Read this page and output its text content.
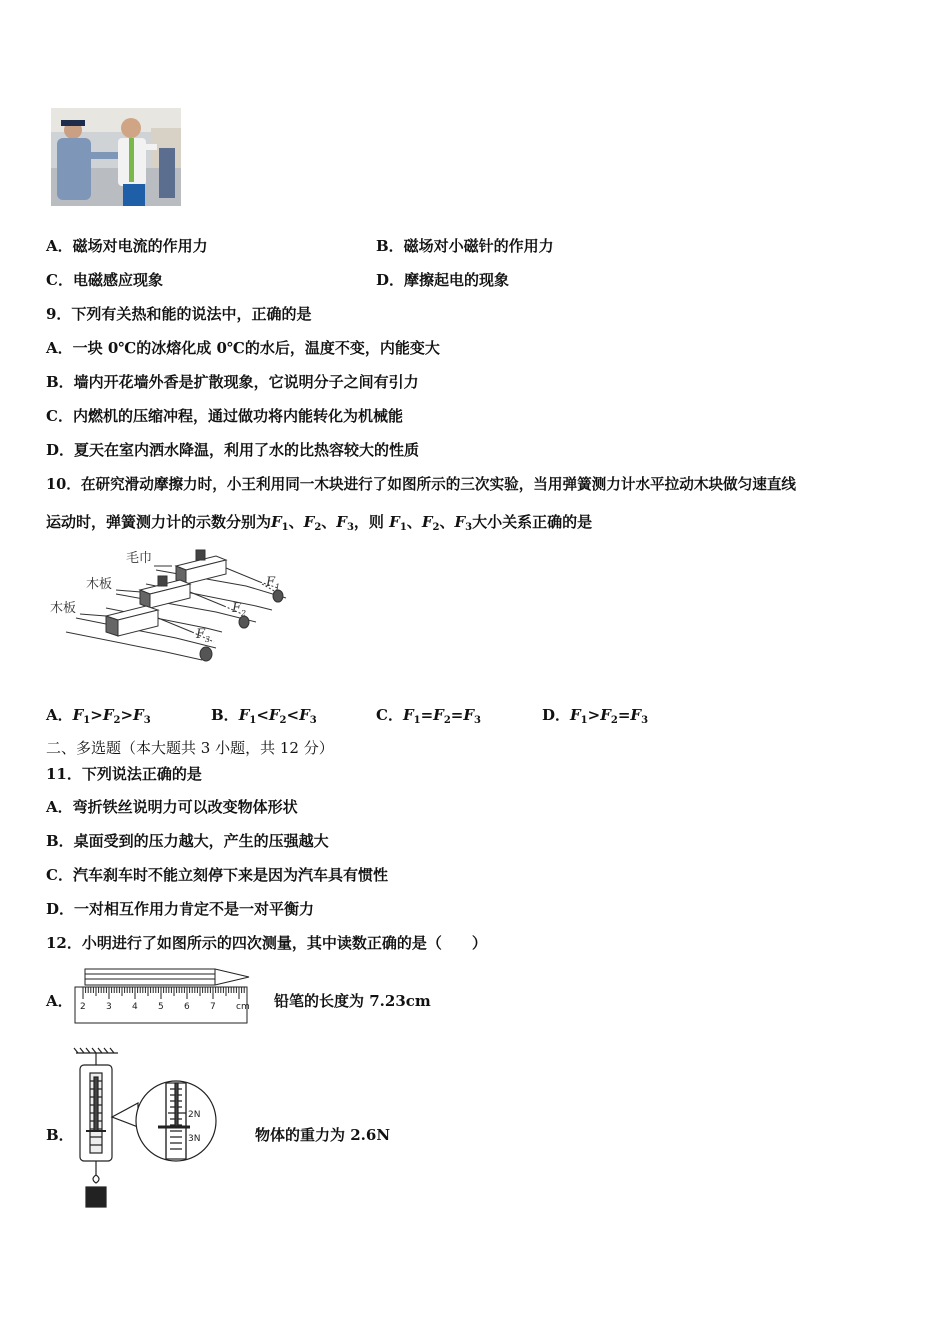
A．磁场对电流的作用力	B．磁场对小磁针的作用力
C．电磁感应现象	D．摩擦起电的现象
9．下列有关热和能的说法中，正确的是
A．一块 0℃的冰熔化成 0℃的水后，温度不变，内能变大
B．墙内开花墙外香是扩散现象，它说明分子之间有引力
C．内燃机的压缩冲程，通过做功将内能转化为机械能
D．夏天在室内洒水降温，利用了水的比热容较大的性质
10．在研究滑动摩擦力时，小王利用同一木块进行了如图所示的三次实验，当用弹簧测力计水平拉动木块做匀速直线
运动时，弹簧测力计的示数分别为$F_1$、$F_2$、$F_3$，则 $F_1$、$F_2$、$F_3$大小关系正确的是
毛巾
木板
木板
$F_1$
$F_2$
$F_3$
A．$F_1>F_2>F_3$	B．$F_1<F_2<F_3$	C．$F_1=F_2=F_3$	D．$F_1>F_2=F_3$
二、多选题（本大题共 3 小题，共 12 分）
11．下列说法正确的是
A．弯折铁丝说明力可以改变物体形状
B．桌面受到的压力越大，产生的压强越大
C．汽车刹车时不能立刻停下来是因为汽车具有惯性
D．一对相互作用力肯定不是一对平衡力
12．小明进行了如图所示的四次测量，其中读数正确的是（　　）
A． 2 3 4 5 6 7 cm 铅笔的长度为 7.23cm
B．
2N
3N	物体的重力为 2.6N
